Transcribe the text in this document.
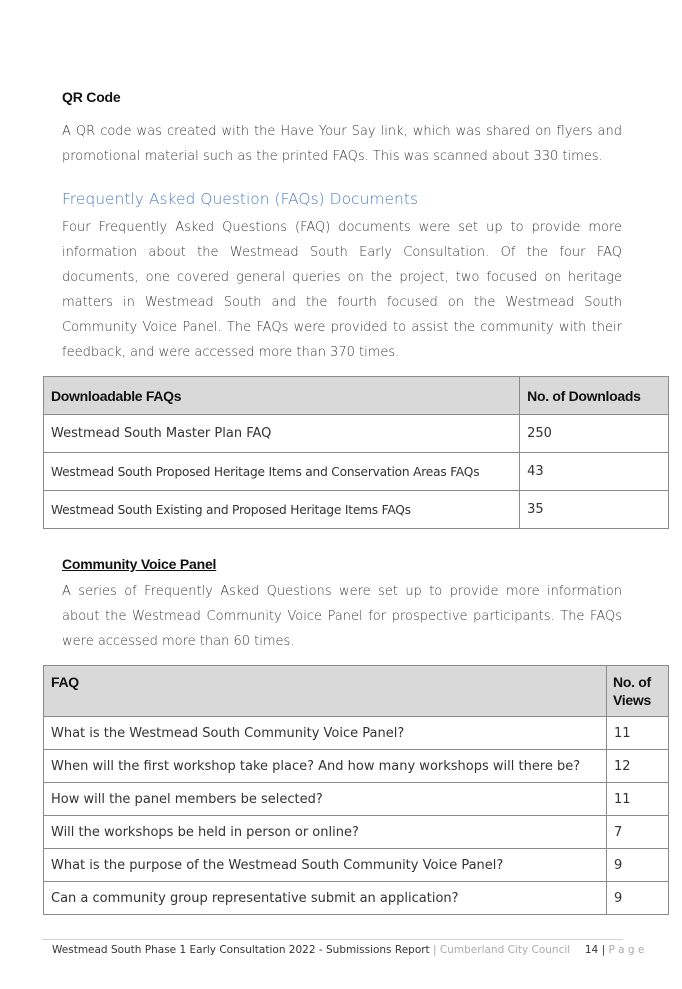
QR Code
A QR code was created with the Have Your Say link, which was shared on flyers and promotional material such as the printed FAQs. This was scanned about 330 times.
Frequently Asked Question (FAQs) Documents
Four Frequently Asked Questions (FAQ) documents were set up to provide more information about the Westmead South Early Consultation. Of the four FAQ documents, one covered general queries on the project, two focused on heritage matters in Westmead South and the fourth focused on the Westmead South Community Voice Panel. The FAQs were provided to assist the community with their feedback, and were accessed more than 370 times.
Downloadable FAQs	No. of Downloads
Westmead South Master Plan FAQ	250
Westmead South Proposed Heritage Items and Conservation Areas FAQs	43
Westmead South Existing and Proposed Heritage Items FAQs	35
Community Voice Panel
A series of Frequently Asked Questions were set up to provide more information about the Westmead Community Voice Panel for prospective participants. The FAQs were accessed more than 60 times.
FAQ	No. of Views
What is the Westmead South Community Voice Panel?	11
When will the first workshop take place? And how many workshops will there be?	12
How will the panel members be selected?	11
Will the workshops be held in person or online?	7
What is the purpose of the Westmead South Community Voice Panel?	9
Can a community group representative submit an application?	9
Westmead South Phase 1 Early Consultation 2022 - Submissions Report | Cumberland City Council 14 | P a g e
